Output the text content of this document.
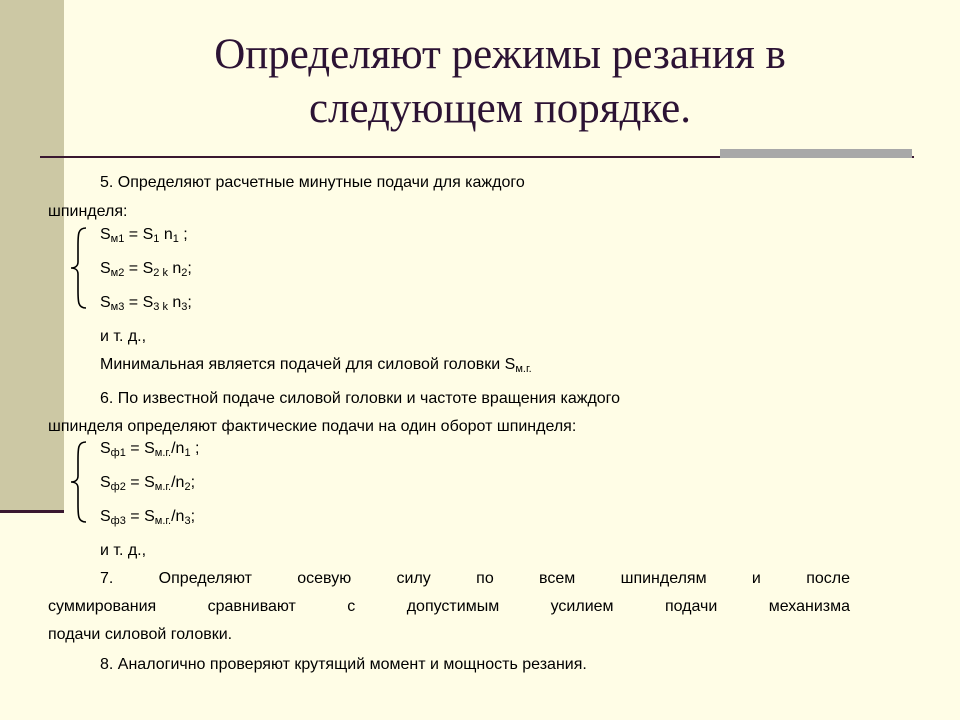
Определяют режимы резания в
следующем порядке.
5. Определяют расчетные минутные подачи для каждого
шпинделя:
$S_{м1} = S_1$ $n_1$ ;
$S_{м2} = S_{2 k}$ $n_2$;
$S_{м3} = S_{3 k}$ $n_3$;
и т. д.,
Минимальная является подачей для силовой головки $S_{м.г.}$
6. По известной подаче силовой головки и частоте вращения каждого
шпинделя определяют фактические подачи на один оборот шпинделя:
$S_{ф1} = S_{м.г.}/n_1$ ;
$S_{ф2} = S_{м.г.}/n_2$;
$S_{ф3} = S_{м.г.}/n_3$;
и т. д.,
7. Определяют осевую силу по всем шпинделям и после
суммирования сравнивают с допустимым усилием подачи механизма
подачи силовой головки.
8. Аналогично проверяют крутящий момент и мощность резания.
